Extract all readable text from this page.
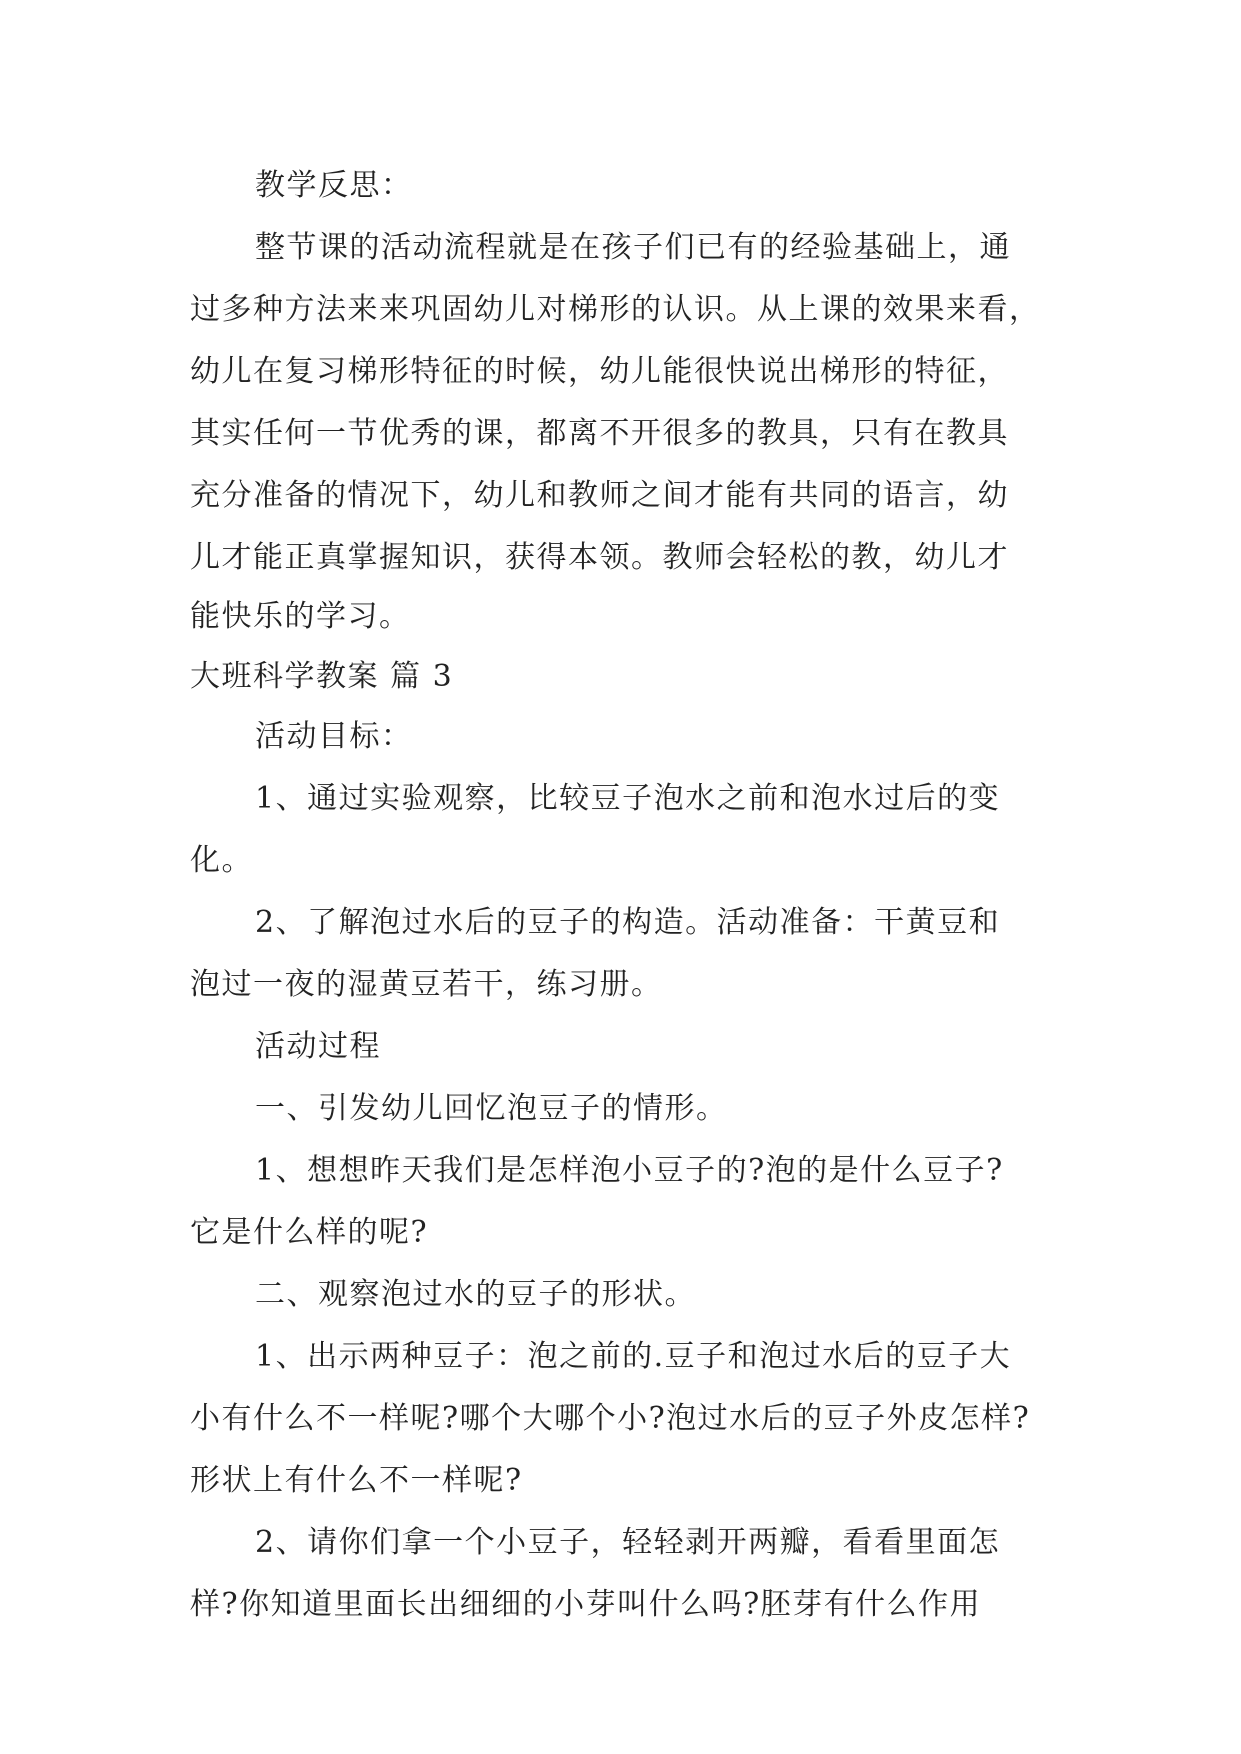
教学反思：
整节课的活动流程就是在孩子们已有的经验基础上，通
过多种方法来来巩固幼儿对梯形的认识。从上课的效果来看，
幼儿在复习梯形特征的时候，幼儿能很快说出梯形的特征，
其实任何一节优秀的课，都离不开很多的教具，只有在教具
充分准备的情况下，幼儿和教师之间才能有共同的语言，幼
儿才能正真掌握知识，获得本领。教师会轻松的教，幼儿才
能快乐的学习。
大班科学教案 篇 3
活动目标：
1、通过实验观察，比较豆子泡水之前和泡水过后的变
化。
2、了解泡过水后的豆子的构造。活动准备：干黄豆和
泡过一夜的湿黄豆若干，练习册。
活动过程
一、引发幼儿回忆泡豆子的情形。
1、想想昨天我们是怎样泡小豆子的?泡的是什么豆子?
它是什么样的呢?
二、观察泡过水的豆子的形状。
1、出示两种豆子：泡之前的.豆子和泡过水后的豆子大
小有什么不一样呢?哪个大哪个小?泡过水后的豆子外皮怎样?
形状上有什么不一样呢?
2、请你们拿一个小豆子，轻轻剥开两瓣，看看里面怎
样?你知道里面长出细细的小芽叫什么吗?胚芽有什么作用
